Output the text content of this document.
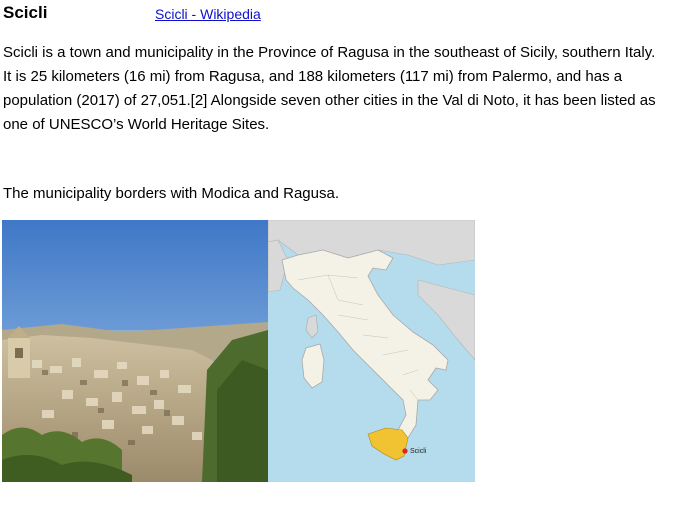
Scicli	Scicli - Wikipedia

Scicli is a town and municipality in the Province of Ragusa in the southeast of Sicily, southern Italy. It is 25 kilometers (16 mi) from Ragusa, and 188 kilometers (117 mi) from Palermo, and has a population (2017) of 27,051.[2] Alongside seven other cities in the Val di Noto, it has been listed as one of UNESCO’s World Heritage Sites.

The municipality borders with Modica and Ragusa.

Scicli
